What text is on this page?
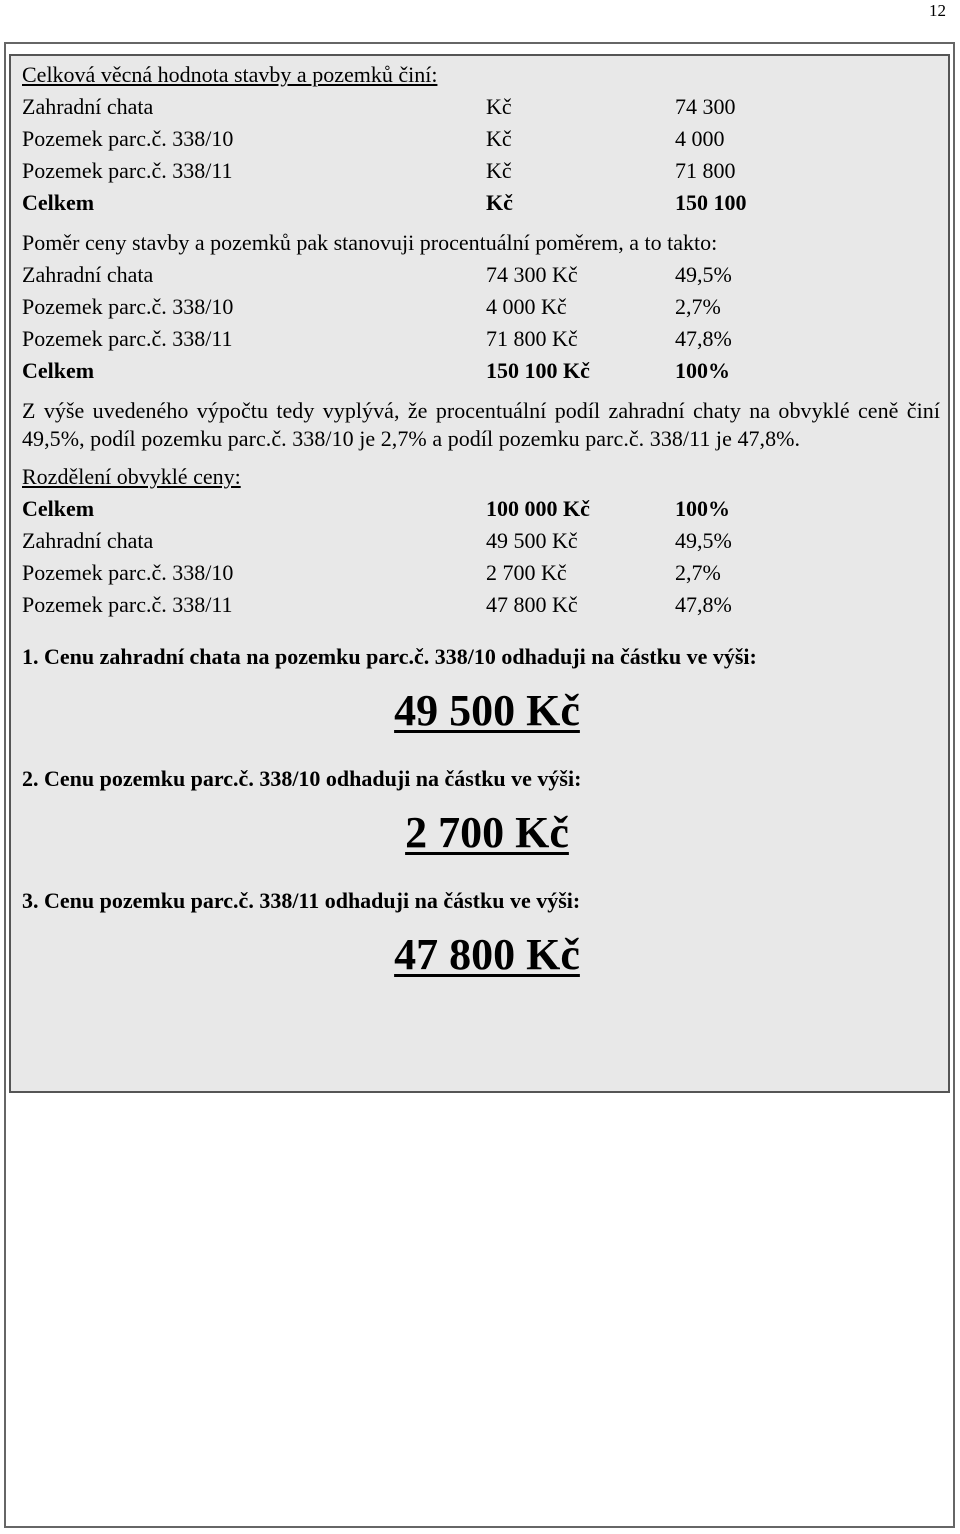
12
Celková věcná hodnota stavby a pozemků činí:
Zahradní chata	Kč	74 300
Pozemek parc.č. 338/10	Kč	4 000
Pozemek parc.č. 338/11	Kč	71 800
Celkem	Kč	150 100
Poměr ceny stavby a pozemků pak stanovuji procentuální poměrem, a to takto:
Zahradní chata	74 300 Kč	49,5%
Pozemek parc.č. 338/10	4 000 Kč	2,7%
Pozemek parc.č. 338/11	71 800 Kč	47,8%
Celkem	150 100 Kč	100%

Z výše uvedeného výpočtu tedy vyplývá, že procentuální podíl zahradní chaty na obvyklé ceně činí 49,5%, podíl pozemku parc.č. 338/10 je 2,7% a podíl pozemku parc.č. 338/11 je 47,8%.

Rozdělení obvyklé ceny:
Celkem	100 000 Kč	100%
Zahradní chata	49 500 Kč	49,5%
Pozemek parc.č. 338/10	2 700 Kč	2,7%
Pozemek parc.č. 338/11	47 800 Kč	47,8%
1. Cenu zahradní chata na pozemku parc.č. 338/10 odhaduji na částku ve výši:
49 500 Kč
2. Cenu pozemku parc.č. 338/10 odhaduji na částku ve výši:
2 700 Kč
3. Cenu pozemku parc.č. 338/11 odhaduji na částku ve výši:
47 800 Kč
